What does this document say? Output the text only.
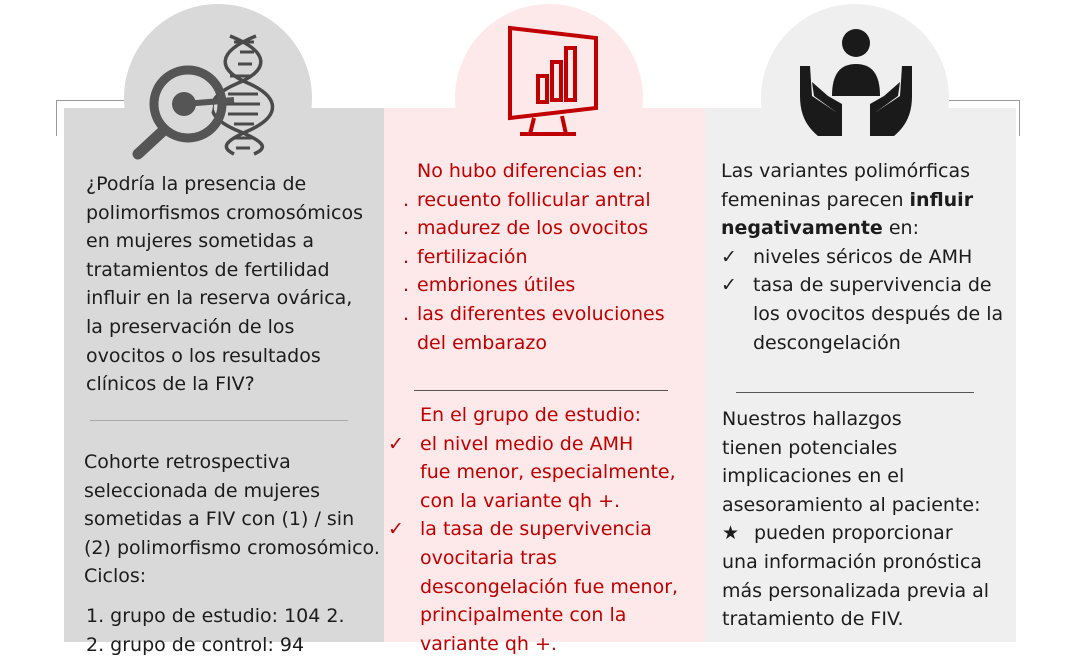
¿Podría la presencia de
polimorfismos cromosómicos
en mujeres sometidas a
tratamientos de fertilidad
influir en la reserva ovárica,
la preservación de los
ovocitos o los resultados
clínicos de la FIV?
Cohorte retrospectiva
seleccionada de mujeres
sometidas a FIV con (1) / sin
(2) polimorfismo cromosómico.
Ciclos:
1. grupo de estudio: 104 2.
2. grupo de control: 94
No hubo diferencias en:
. recuento follicular antral
. madurez de los ovocitos
. fertilización
. embriones útiles
. las diferentes evoluciones
del embarazo
En el grupo de estudio:
✓ el nivel medio de AMH
fue menor, especialmente,
con la variante qh +.
✓ la tasa de supervivencia
ovocitaria tras
descongelación fue menor,
principalmente con la
variante qh +.
Las variantes polimórficas
femeninas parecen influir
negativamente en:
✓ niveles séricos de AMH
✓ tasa de supervivencia de
los ovocitos después de la
descongelación
Nuestros hallazgos
tienen potenciales
implicaciones en el
asesoramiento al paciente:
★ pueden proporcionar
una información pronóstica
más personalizada previa al
tratamiento de FIV.
